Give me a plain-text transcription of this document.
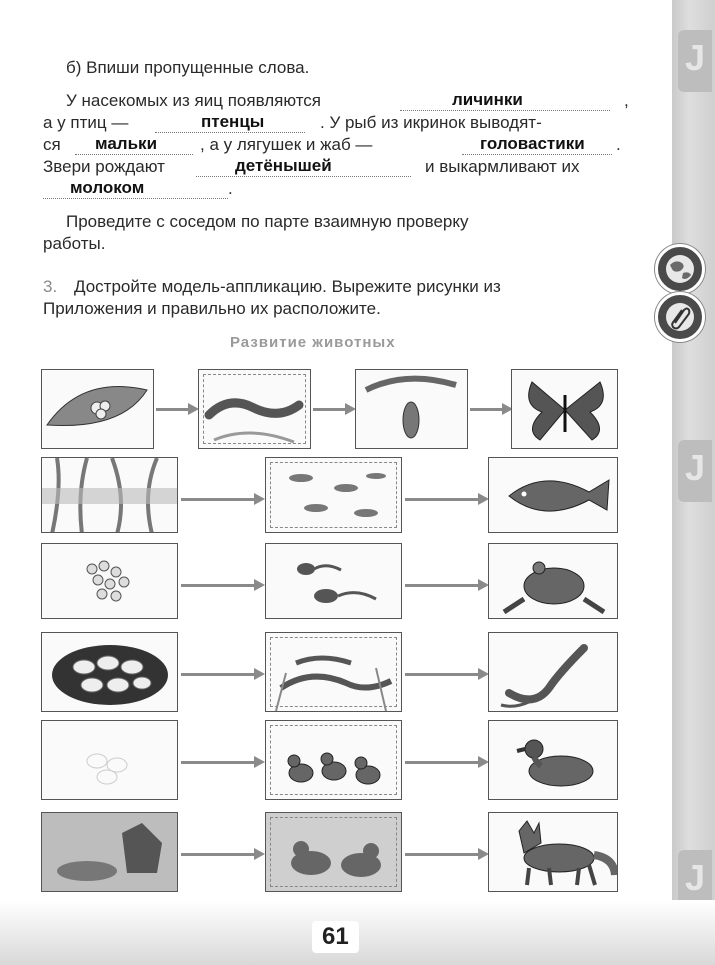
J
J
J
б) Впиши пропущенные слова.
У насекомых из яиц появляются	личинки	,
а у птиц —	птенцы	. У рыб из икринок выводят-
ся мальки	, а у лягушек и жаб —	головастики .
Звери рождают	детёнышей	и выкармливают их
молоком	.
Проведите с соседом по парте взаимную проверку
работы.
3. Достройте модель-аппликацию. Вырежите рисунки из
Приложения и правильно их расположите.
Развитие животных
61
